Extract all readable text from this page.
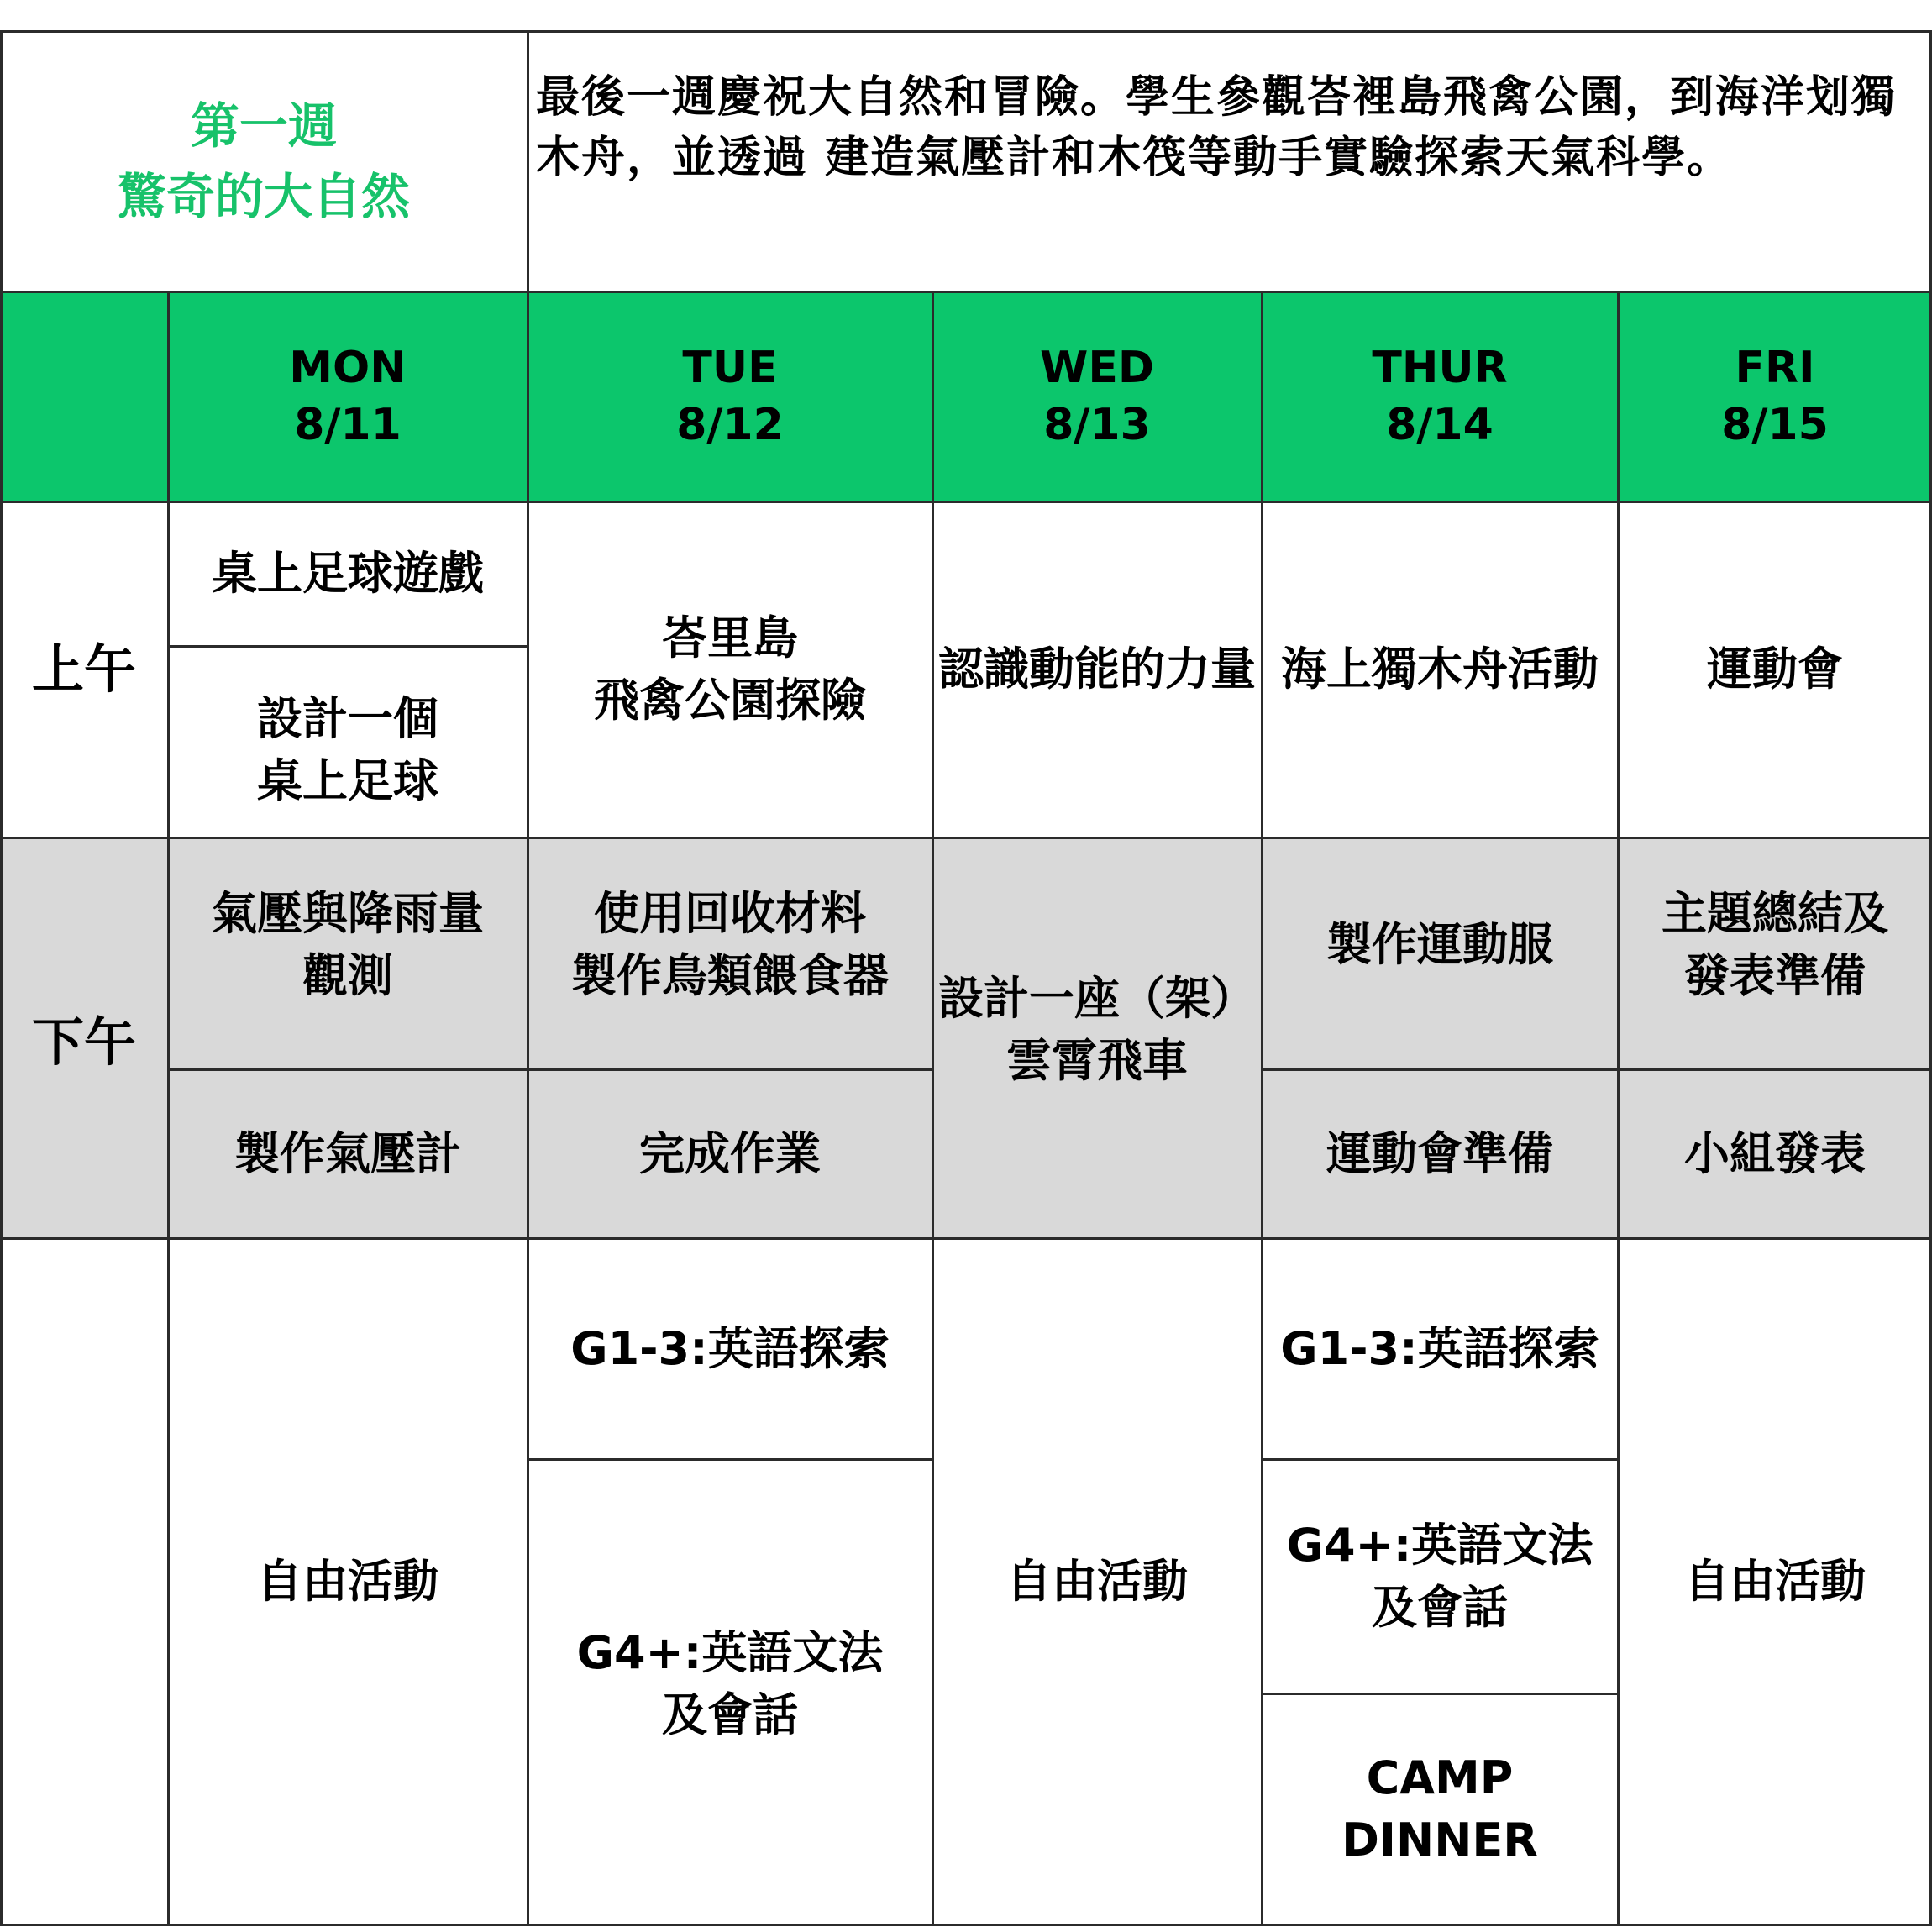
第一週
驚奇的大自然
最後一週慶祝大自然和冒險。學生參觀峇裡島飛禽公園，到海洋划獨木舟，並透過 建造氣壓計和木筏等動手實驗探索天氣科學。
MON
8/11
TUE
8/12
WED
8/13
THUR
8/14
FRI
8/15
上午
下午
桌上足球遊戲
設計一個
桌上足球
峇里島
飛禽公園探險
認識動能的力量 海上獨木舟活動	運動會
氣壓與降雨量
觀測
製作氣壓計
使用回收材料
製作鳥類餵食器
完成作業
設計一座（架）
雲霄飛車
製作運動服
運動會準備
主題總結及
發表準備
小組發表
自由活動
G1-3:英語探索
G4+:英語文法
及會話
自由活動
G1-3:英語探索
G4+:英語文法
及會話
CAMP
DINNER
自由活動
